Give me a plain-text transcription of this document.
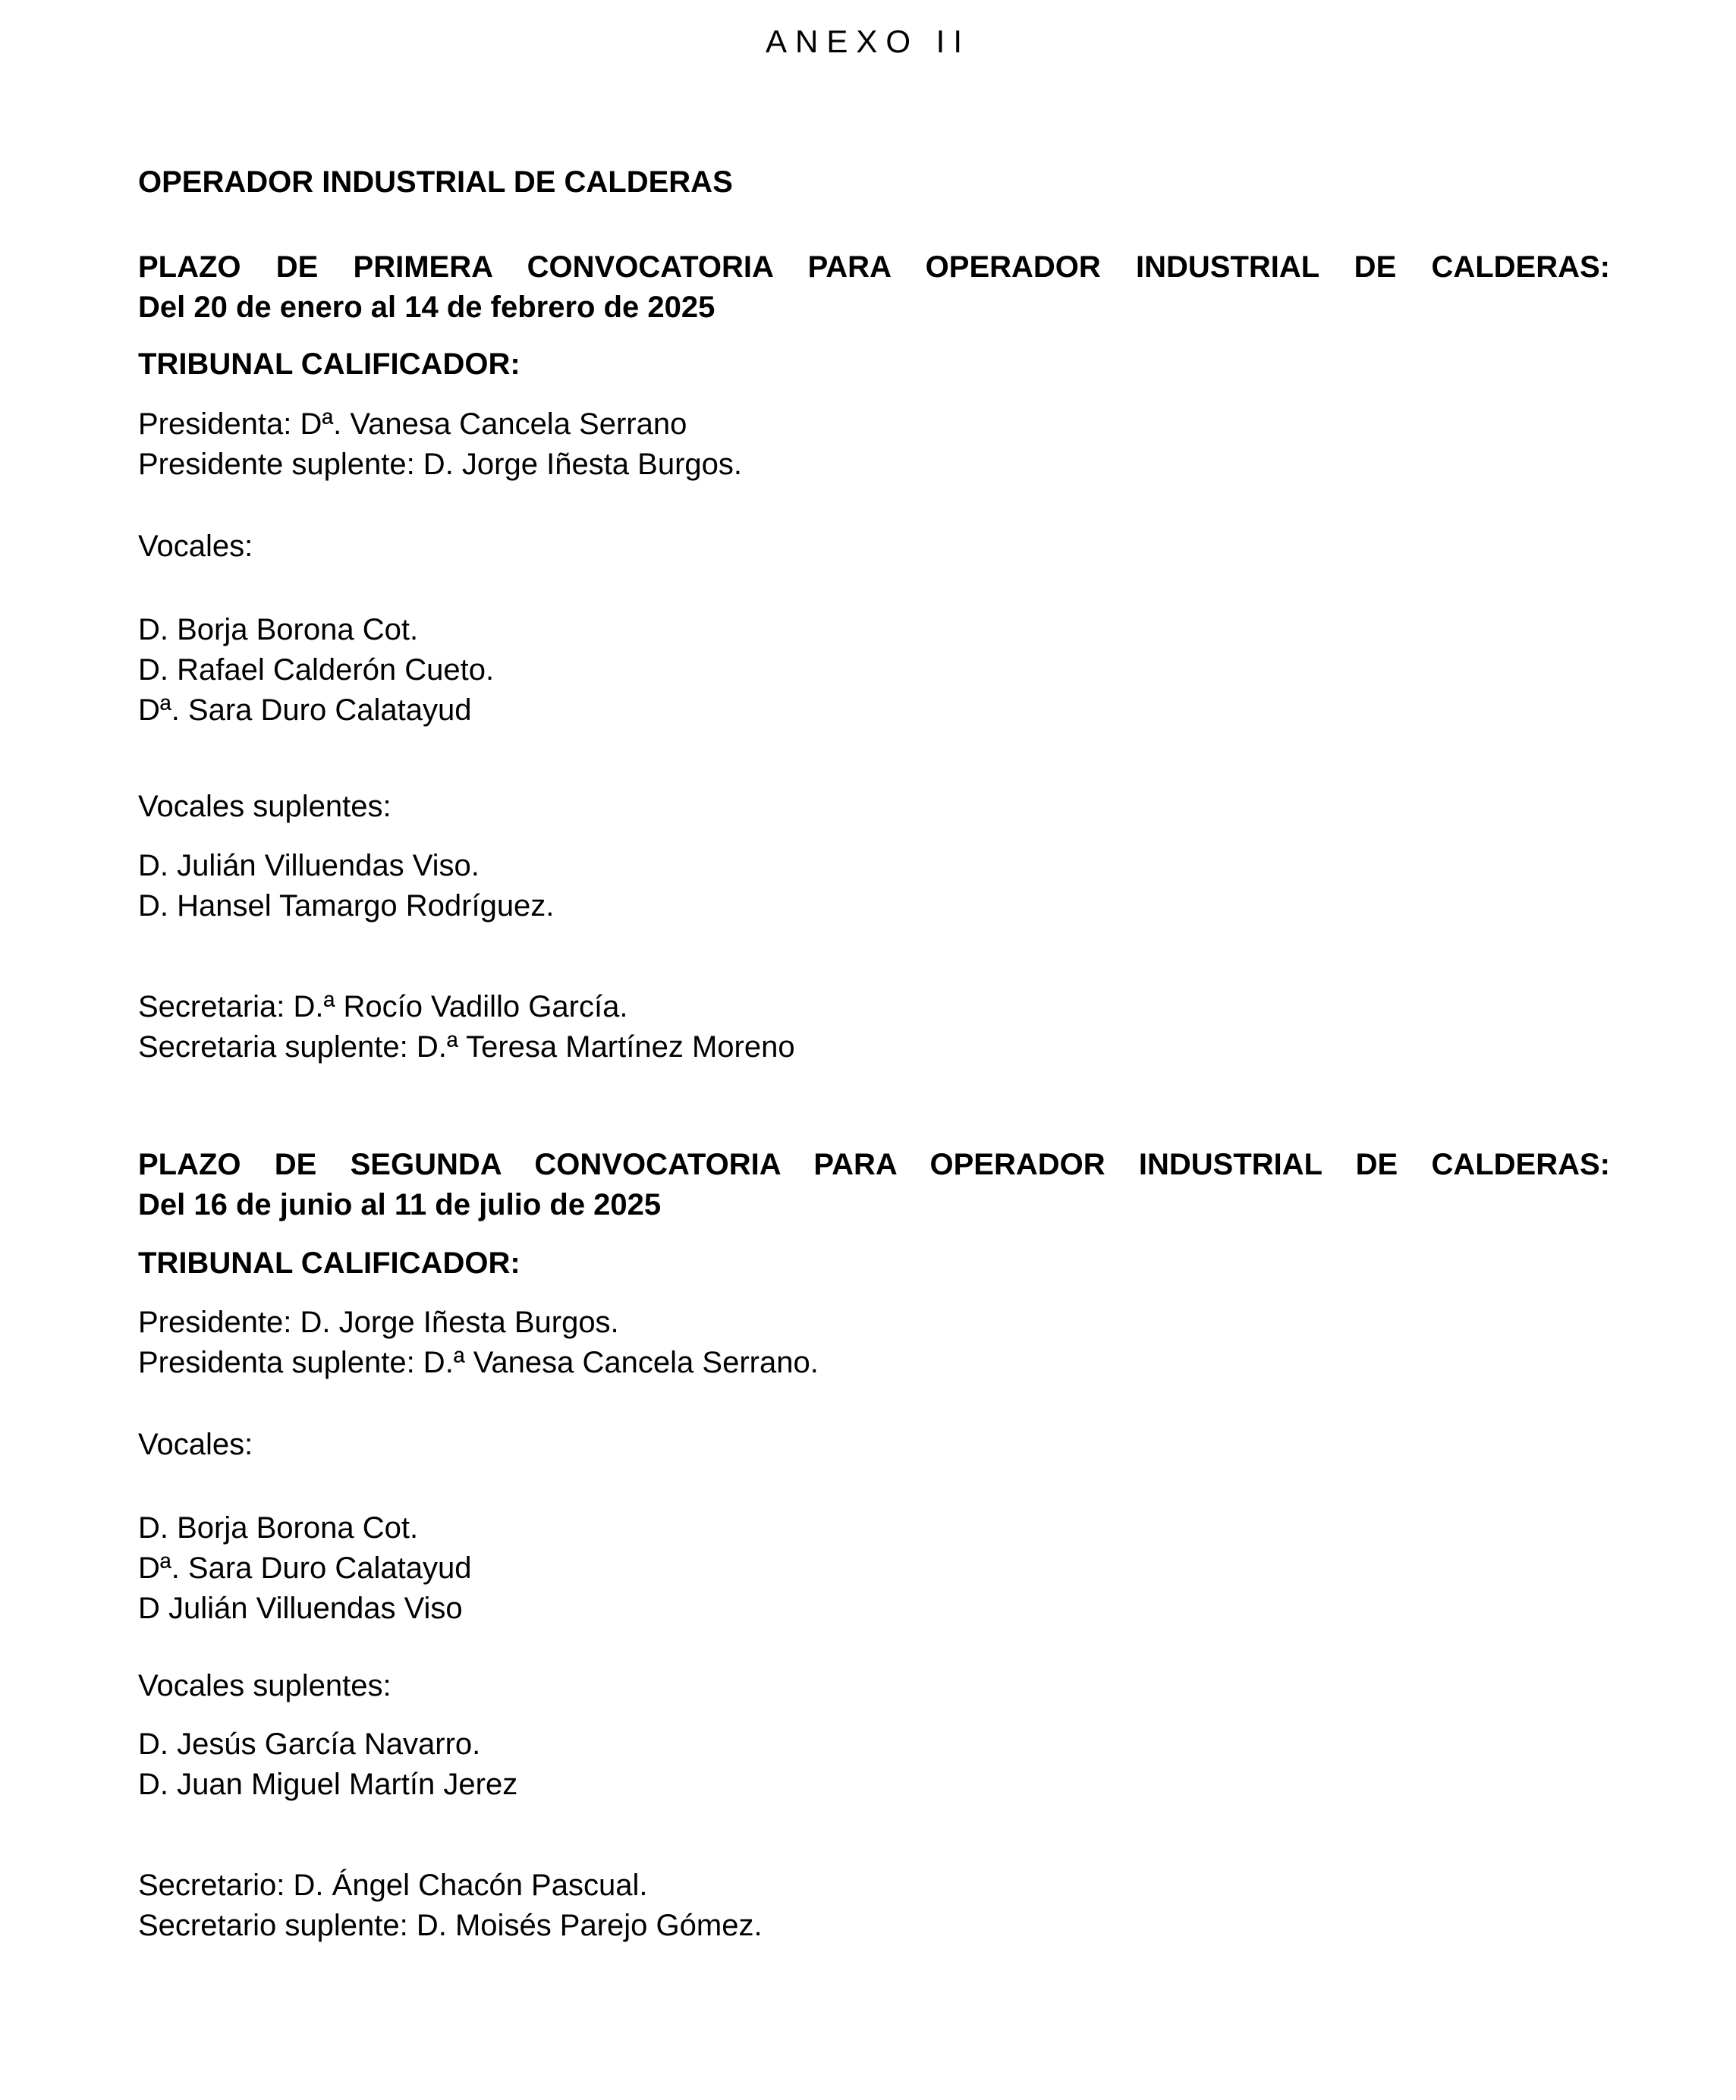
ANEXO II

OPERADOR INDUSTRIAL DE CALDERAS

PLAZO DE PRIMERA CONVOCATORIA PARA OPERADOR INDUSTRIAL DE CALDERAS:

Del 20 de enero al 14 de febrero de 2025

TRIBUNAL CALIFICADOR:

Presidenta: Dª. Vanesa Cancela Serrano

Presidente suplente: D. Jorge Iñesta Burgos.

Vocales:

D. Borja Borona Cot.

D. Rafael Calderón Cueto.

Dª. Sara Duro Calatayud

Vocales suplentes:

D. Julián Villuendas Viso.

D. Hansel Tamargo Rodríguez.

Secretaria: D.ª Rocío Vadillo García.

Secretaria suplente: D.ª Teresa Martínez Moreno

PLAZO DE SEGUNDA CONVOCATORIA PARA OPERADOR INDUSTRIAL DE CALDERAS:

Del 16 de junio al 11 de julio de 2025

TRIBUNAL CALIFICADOR:

Presidente: D. Jorge Iñesta Burgos.

Presidenta suplente: D.ª Vanesa Cancela Serrano.

Vocales:

D. Borja Borona Cot.

Dª. Sara Duro Calatayud

D Julián Villuendas Viso

Vocales suplentes:

D. Jesús García Navarro.

D. Juan Miguel Martín Jerez

Secretario: D. Ángel Chacón Pascual.

Secretario suplente: D. Moisés Parejo Gómez.
